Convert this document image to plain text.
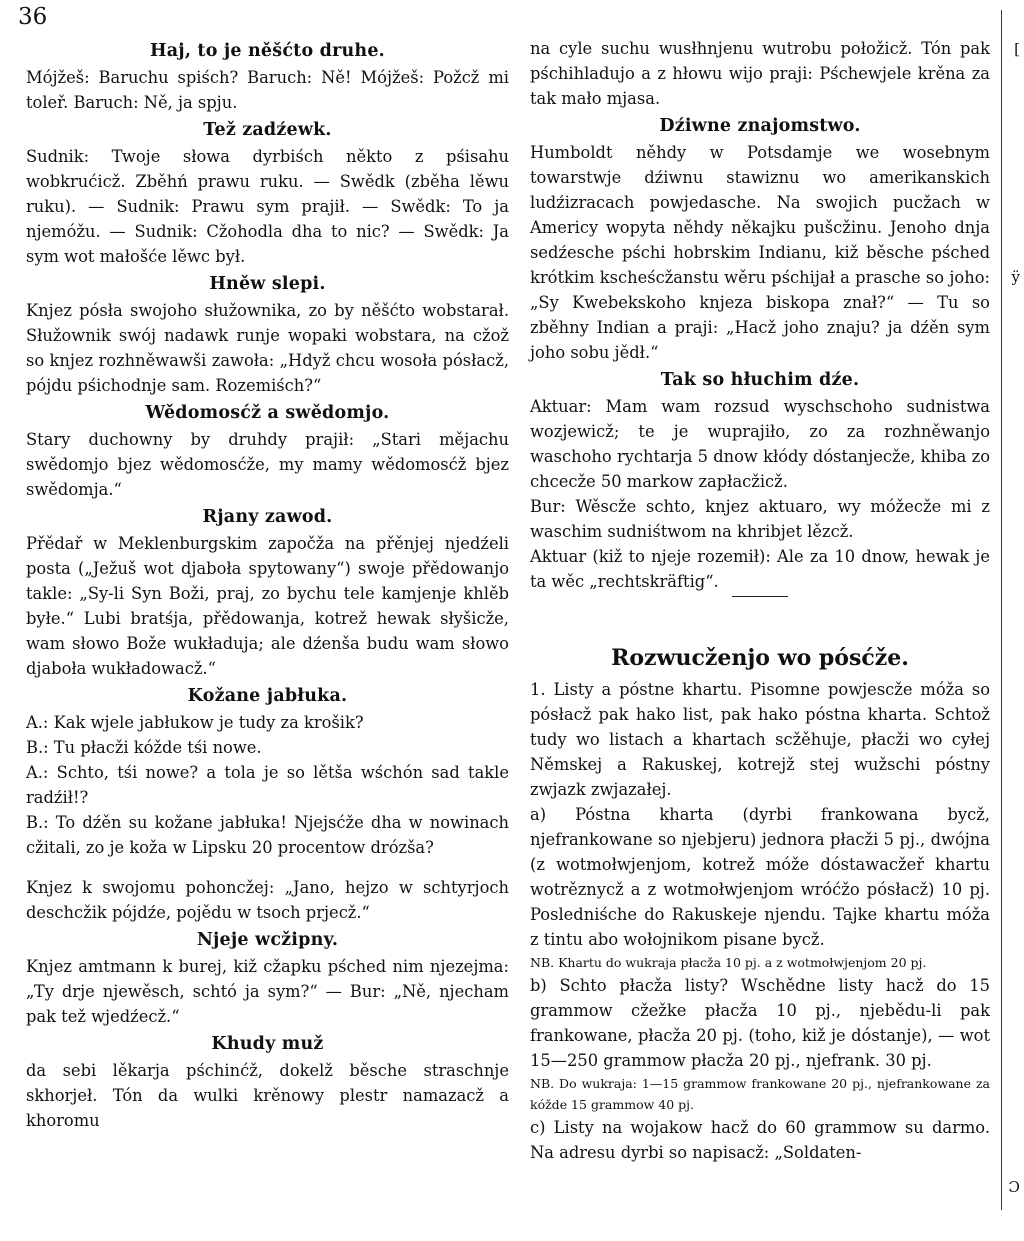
36
Haj, to je něšćto druhe.

Mójžeš: Baruchu spiśch? Baruch: Ně! Mójžeš: Požcž mi toleř. Baruch: Ně, ja spju.

Tež zadźewk.

Sudnik: Twoje słowa dyrbiśch někto z pśisahu wobkrućicž. Zběhń prawu ruku. — Swědk (zběha lěwu ruku). — Sudnik: Prawu sym prajił. — Swědk: To ja njemóžu. — Sudnik: Cžohodla dha to nic? — Swědk: Ja sym wot małošće lěwc był.

Hněw slepi.

Knjez pósła swojoho słužownika, zo by něšćto wobstarał. Słužownik swój nadawk runje wopaki wobstara, na cžož so knjez rozhněwawši zawoła: „Hdyž chcu wosoła pósłacž, pójdu pśichodnje sam. Rozemiśch?“

Wědomosćž a swědomjo.

Stary duchowny by druhdy prajił: „Stari mějachu swědomjo bjez wědomosćže, my mamy wědomosćž bjez swědomja.“

Rjany zawod.

Přědař w Meklenburgskim započža na přěnjej njedźeli posta („Ježuš wot djaboła spytowany“) swoje přědowanjo takle: „Sy-li Syn Boži, praj, zo bychu tele kamjenje khlěb byłe.“ Lubi bratśja, přědowanja, kotrež hewak słyšicže, wam słowo Bože wukładuja; ale dźenša budu wam słowo djaboła wukładowacž.“

Kožane jabłuka.

A.: Kak wjele jabłukow je tudy za krošik?

B.: Tu płacži kóžde tśi nowe.

A.: Schto, tśi nowe? a tola je so lětša wśchón sad takle radźił!?

B.: To dźěn su kožane jabłuka! Njejsćže dha w nowinach cžitali, zo je koža w Lipsku 20 procentow drózša?

Knjez k swojomu pohoncžej: „Jano, hejzo w schtyrjoch deschcžik pójdźe, pojědu w tsoch prjecž.“

Njeje wcžipny.

Knjez amtmann k burej, kiž cžapku pśched nim njezejma: „Ty drje njewěsch, schtó ja sym?“ — Bur: „Ně, njecham pak tež wjedźecž.“

Khudy muž

da sebi lěkarja pśchinćž, dokelž běsche straschnje skhorjeł. Tón da wulki krěnowy plestr namazacž a khoromu

na cyle suchu wusłhnjenu wutrobu połožicž. Tón pak pśchihladujo a z hłowu wijo praji: Pśchewjele krěna za tak mało mjasa.

Dźiwne znajomstwo.

Humboldt něhdy w Potsdamje we wosebnym towarstwje dźiwnu stawiznu wo amerikanskich ludźizracach powjedasche. Na swojich pucžach w Americy wopyta něhdy někajku pušcžinu. Jenoho dnja sedźesche pśchi hobrskim Indianu, kiž běsche pśched krótkim kscheścžanstu wěru pśchijał a prasche so joho: „Sy Kwebekskoho knjeza biskopa znał?“ — Tu so zběhny Indian a praji: „Hacž joho znaju? ja dźěn sym joho sobu jědł.“

Tak so hłuchim dźe.

Aktuar: Mam wam rozsud wyschschoho sudnistwa wozjewicž; te je wuprajiło, zo za rozhněwanjo waschoho rychtarja 5 dnow kłódy dóstanjecže, khiba zo chcecže 50 markow zapłacžicž.

Bur: Wěscže schto, knjez aktuaro, wy móžecže mi z waschim sudniśtwom na khribjet lězcž.

Aktuar (kiž to njeje rozemił): Ale za 10 dnow, hewak je ta wěc „rechtskräftig“.

Rozwucženjo wo pósćže.

1. Listy a póstne khartu. Pisomne powjescže móža so pósłacž pak hako list, pak hako póstna kharta. Schtož tudy wo listach a khartach scžěhuje, płacži wo cyłej Němskej a Rakuskej, kotrejž stej wužschi póstny zwjazk zwjazałej.

a) Póstna kharta (dyrbi frankowana bycž, njefrankowane so njebjeru) jednora płacži 5 pj., dwójna (z wotmołwjenjom, kotrež móže dóstawacžeř khartu wotrěznycž a z wotmołwjenjom wróćžo pósłacž) 10 pj. Posledniśche do Rakuskeje njendu. Tajke khartu móža z tintu abo wołojnikom pisane bycž.

NB. Khartu do wukraja płacža 10 pj. a z wotmołwjenjom 20 pj.

b) Schto płacža listy? Wschědne listy hacž do 15 grammow cžežke płacža 10 pj., njebědu-li pak frankowane, płacža 20 pj. (toho, kiž je dóstanje), — wot 15—250 grammow płacža 20 pj., njefrank. 30 pj.

NB. Do wukraja: 1—15 grammow frankowane 20 pj., njefrankowane za kóžde 15 grammow 40 pj.

c) Listy na wojakow hacž do 60 grammow su darmo. Na adresu dyrbi so napisacž: „Soldaten-

[
ÿ
Ɔ
